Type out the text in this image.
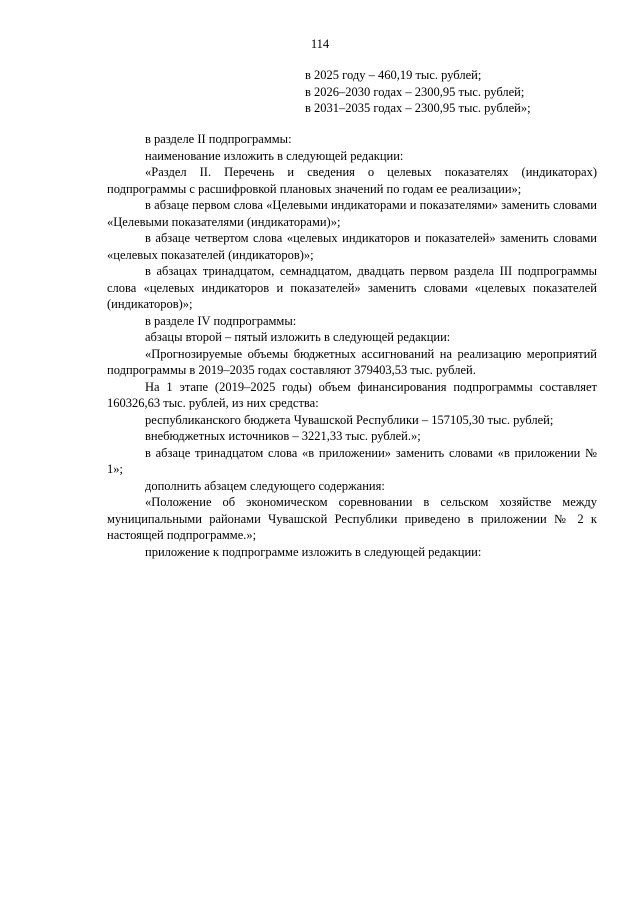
114
в 2025 году – 460,19 тыс. рублей;
в 2026–2030 годах – 2300,95 тыс. рублей;
в 2031–2035 годах – 2300,95 тыс. рублей»;

в разделе II подпрограммы:

наименование изложить в следующей редакции:

«Раздел II. Перечень и сведения о целевых показателях (индикаторах) подпрограммы с расшифровкой плановых значений по годам ее реализации»;

в абзаце первом слова «Целевыми индикаторами и показателями» заменить словами «Целевыми показателями (индикаторами)»;

в абзаце четвертом слова «целевых индикаторов и показателей» заменить словами «целевых показателей (индикаторов)»;

в абзацах тринадцатом, семнадцатом, двадцать первом раздела III подпрограммы слова «целевых индикаторов и показателей» заменить словами «целевых показателей (индикаторов)»;

в разделе IV подпрограммы:

абзацы второй – пятый изложить в следующей редакции:

«Прогнозируемые объемы бюджетных ассигнований на реализацию мероприятий подпрограммы в 2019–2035 годах составляют 379403,53 тыс. рублей.

На 1 этапе (2019–2025 годы) объем финансирования подпрограммы составляет 160326,63 тыс. рублей, из них средства:

республиканского бюджета Чувашской Республики – 157105,30 тыс. рублей;

внебюджетных источников – 3221,33 тыс. рублей.»;

в абзаце тринадцатом слова «в приложении» заменить словами «в приложении № 1»;

дополнить абзацем следующего содержания:

«Положение об экономическом соревновании в сельском хозяйстве между муниципальными районами Чувашской Республики приведено в приложении № 2 к настоящей подпрограмме.»;

приложение к подпрограмме изложить в следующей редакции:
